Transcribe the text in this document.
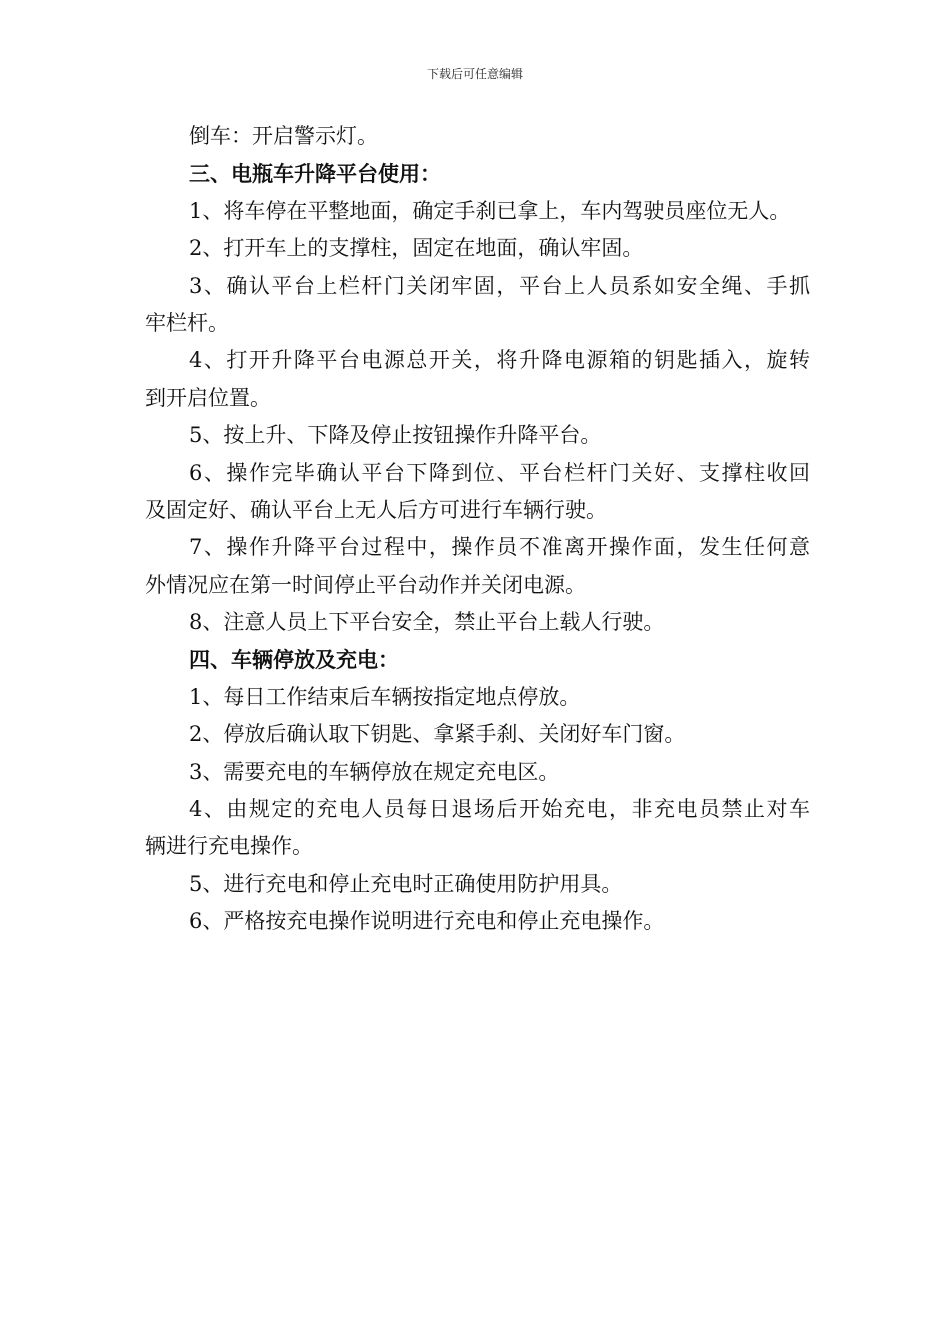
下载后可任意编辑
倒车：开启警示灯。
三、电瓶车升降平台使用：
1、将车停在平整地面，确定手刹已拿上，车内驾驶员座位无人。
2、打开车上的支撑柱，固定在地面，确认牢固。
3、确认平台上栏杆门关闭牢固，平台上人员系如安全绳、手抓
牢栏杆。
4、打开升降平台电源总开关，将升降电源箱的钥匙插入，旋转
到开启位置。
5、按上升、下降及停止按钮操作升降平台。
6、操作完毕确认平台下降到位、平台栏杆门关好、支撑柱收回
及固定好、确认平台上无人后方可进行车辆行驶。
7、操作升降平台过程中，操作员不准离开操作面，发生任何意
外情况应在第一时间停止平台动作并关闭电源。
8、注意人员上下平台安全，禁止平台上载人行驶。
四、车辆停放及充电：
1、每日工作结束后车辆按指定地点停放。
2、停放后确认取下钥匙、拿紧手刹、关闭好车门窗。
3、需要充电的车辆停放在规定充电区。
4、由规定的充电人员每日退场后开始充电，非充电员禁止对车
辆进行充电操作。
5、进行充电和停止充电时正确使用防护用具。
6、严格按充电操作说明进行充电和停止充电操作。
